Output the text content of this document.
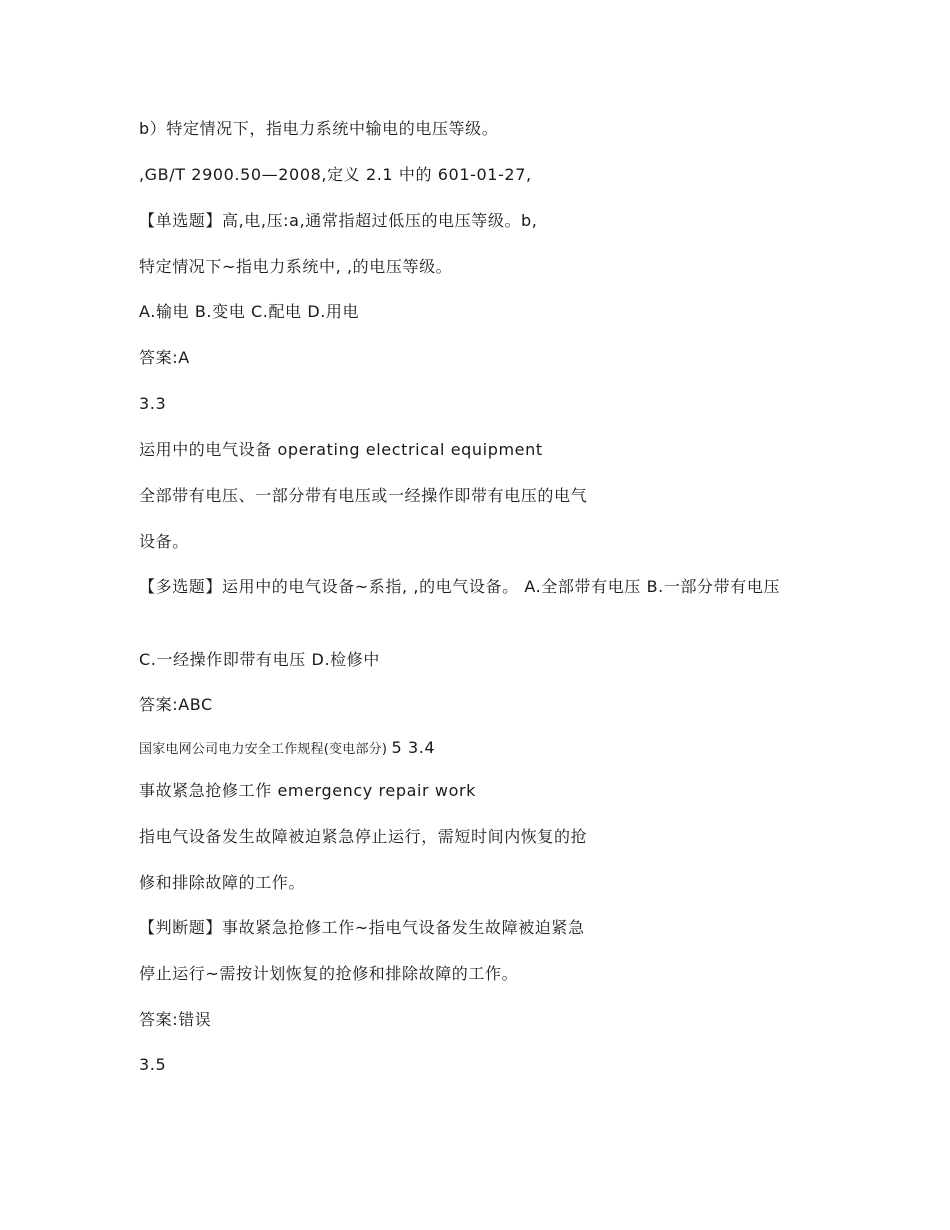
b）特定情况下，指电力系统中输电的电压等级。
,GB/T 2900.50—2008,定义 2.1 中的 601-01-27,
【单选题】高,电,压:a,通常指超过低压的电压等级。b,
特定情况下~指电力系统中, ,的电压等级。
A.输电 B.变电 C.配电 D.用电
答案:A
3.3
运用中的电气设备 operating electrical equipment
全部带有电压、一部分带有电压或一经操作即带有电压的电气
设备。
【多选题】运用中的电气设备~系指, ,的电气设备。 A.全部带有电压 B.一部分带有电压
C.一经操作即带有电压 D.检修中
答案:ABC
国家电网公司电力安全工作规程(变电部分) 5 3.4
事故紧急抢修工作 emergency repair work
指电气设备发生故障被迫紧急停止运行，需短时间内恢复的抢
修和排除故障的工作。
【判断题】事故紧急抢修工作~指电气设备发生故障被迫紧急
停止运行~需按计划恢复的抢修和排除故障的工作。
答案:错误
3.5
